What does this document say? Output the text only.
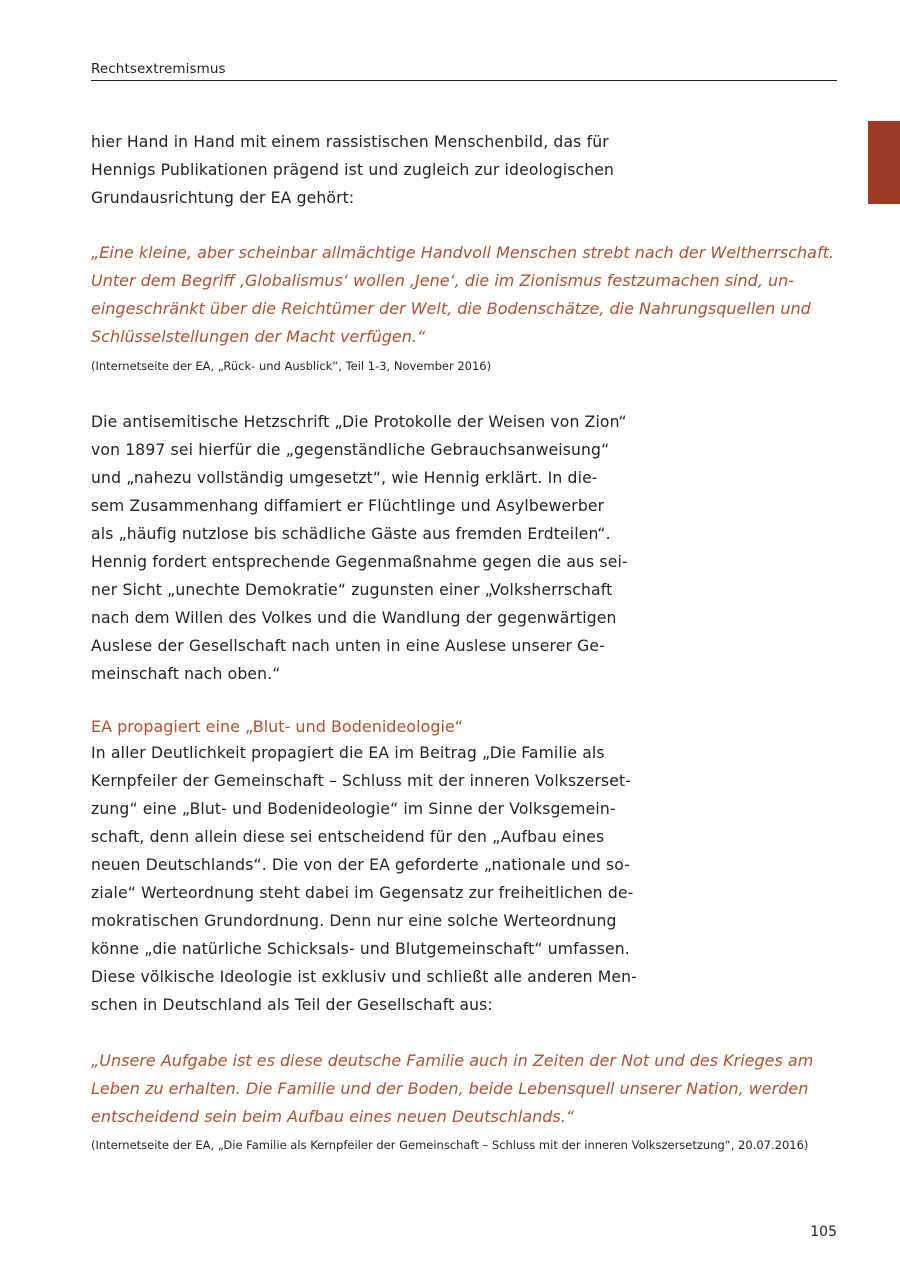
Rechtsextremismus

hier Hand in Hand mit einem rassistischen Menschenbild, das für
Hennigs Publikationen prägend ist und zugleich zur ideologischen
Grundausrichtung der EA gehört:

„Eine kleine, aber scheinbar allmächtige Handvoll Menschen strebt nach der Weltherrschaft.
Unter dem Begriff ‚Globalismus‘ wollen ‚Jene‘, die im Zionismus festzumachen sind, un-
eingeschränkt über die Reichtümer der Welt, die Bodenschätze, die Nahrungsquellen und
Schlüsselstellungen der Macht verfügen.“

(Internetseite der EA, „Rück- und Ausblick“, Teil 1-3, November 2016)

Die antisemitische Hetzschrift „Die Protokolle der Weisen von Zion“
von 1897 sei hierfür die „gegenständliche Gebrauchsanweisung“
und „nahezu vollständig umgesetzt“, wie Hennig erklärt. In die-
sem Zusammenhang diffamiert er Flüchtlinge und Asylbewerber
als „häufig nutzlose bis schädliche Gäste aus fremden Erdteilen“.
Hennig fordert entsprechende Gegenmaßnahme gegen die aus sei-
ner Sicht „unechte Demokratie“ zugunsten einer „Volksherrschaft
nach dem Willen des Volkes und die Wandlung der gegenwärtigen
Auslese der Gesellschaft nach unten in eine Auslese unserer Ge-
meinschaft nach oben.“

EA propagiert eine „Blut- und Bodenideologie“

In aller Deutlichkeit propagiert die EA im Beitrag „Die Familie als
Kernpfeiler der Gemeinschaft – Schluss mit der inneren Volkszerset-
zung“ eine „Blut- und Bodenideologie“ im Sinne der Volksgemein-
schaft, denn allein diese sei entscheidend für den „Aufbau eines
neuen Deutschlands“. Die von der EA geforderte „nationale und so-
ziale“ Werteordnung steht dabei im Gegensatz zur freiheitlichen de-
mokratischen Grundordnung. Denn nur eine solche Werteordnung
könne „die natürliche Schicksals- und Blutgemeinschaft“ umfassen.
Diese völkische Ideologie ist exklusiv und schließt alle anderen Men-
schen in Deutschland als Teil der Gesellschaft aus:

„Unsere Aufgabe ist es diese deutsche Familie auch in Zeiten der Not und des Krieges am
Leben zu erhalten. Die Familie und der Boden, beide Lebensquell unserer Nation, werden
entscheidend sein beim Aufbau eines neuen Deutschlands.“

(Internetseite der EA, „Die Familie als Kernpfeiler der Gemeinschaft – Schluss mit der inneren Volkszersetzung“, 20.07.2016)

105
